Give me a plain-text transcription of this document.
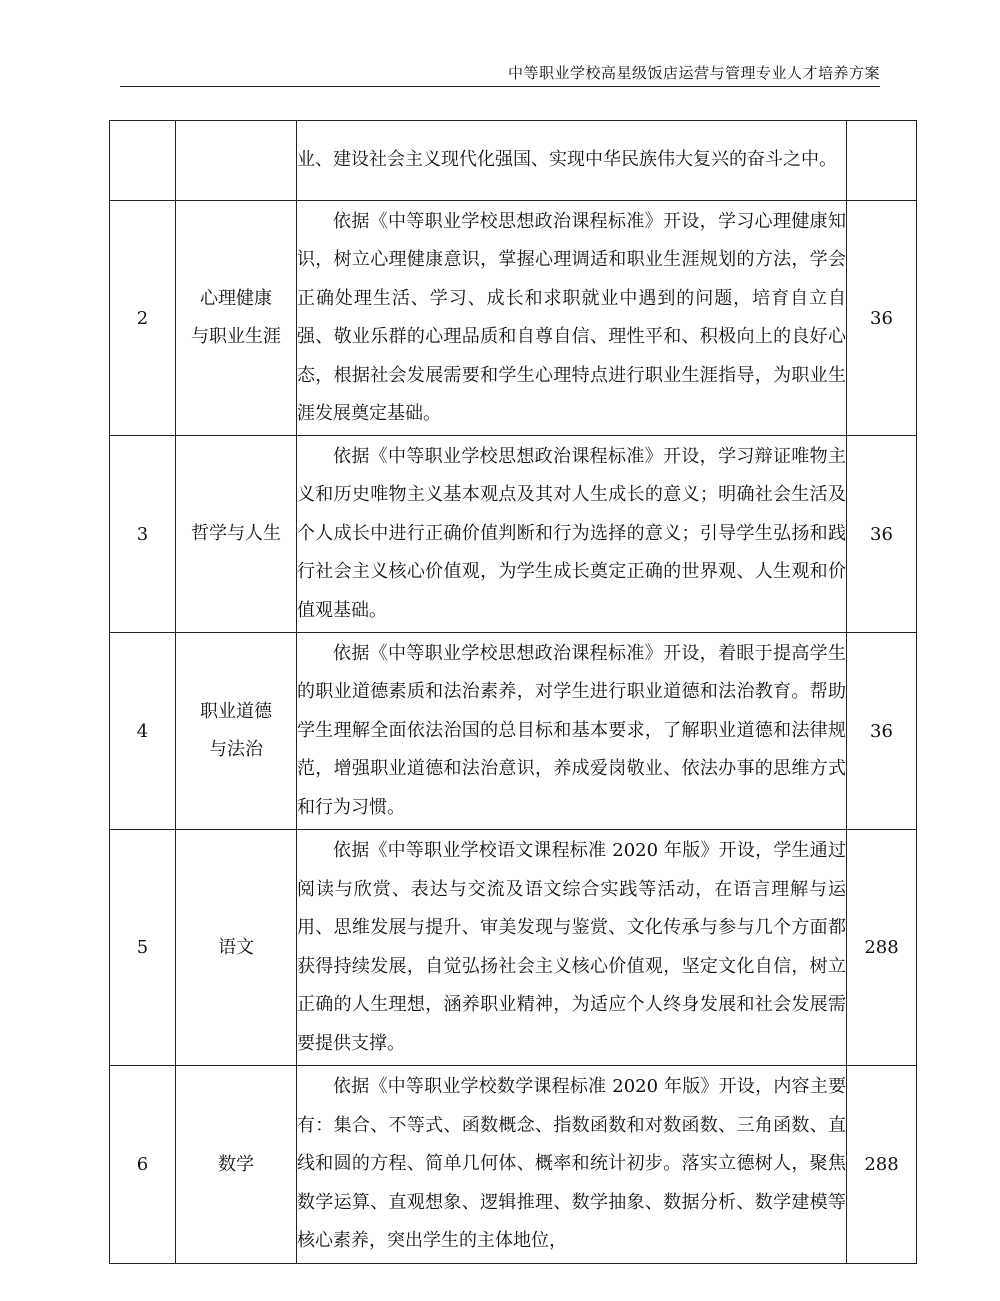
中等职业学校高星级饭店运营与管理专业人才培养方案

		业、建设社会主义现代化强国、实现中华民族伟大复兴的奋斗之中。	

2	心理健康
与职业生涯	依据《中等职业学校思想政治课程标准》开设，学习心理健康知识，树立心理健康意识，掌握心理调适和职业生涯规划的方法，学会正确处理生活、学习、成长和求职就业中遇到的问题，培育自立自强、敬业乐群的心理品质和自尊自信、理性平和、积极向上的良好心态，根据社会发展需要和学生心理特点进行职业生涯指导，为职业生涯发展奠定基础。	36
3	哲学与人生	依据《中等职业学校思想政治课程标准》开设，学习辩证唯物主义和历史唯物主义基本观点及其对人生成长的意义；明确社会生活及个人成长中进行正确价值判断和行为选择的意义；引导学生弘扬和践行社会主义核心价值观，为学生成长奠定正确的世界观、人生观和价值观基础。	36
4	职业道德
与法治	依据《中等职业学校思想政治课程标准》开设，着眼于提高学生的职业道德素质和法治素养，对学生进行职业道德和法治教育。帮助学生理解全面依法治国的总目标和基本要求，了解职业道德和法律规范，增强职业道德和法治意识，养成爱岗敬业、依法办事的思维方式和行为习惯。	36
5	语文	依据《中等职业学校语文课程标准 2020 年版》开设，学生通过阅读与欣赏、表达与交流及语文综合实践等活动，在语言理解与运用、思维发展与提升、审美发现与鉴赏、文化传承与参与几个方面都获得持续发展，自觉弘扬社会主义核心价值观，坚定文化自信，树立正确的人生理想，涵养职业精神，为适应个人终身发展和社会发展需要提供支撑。	288
6	数学	依据《中等职业学校数学课程标准 2020 年版》开设，内容主要有：集合、不等式、函数概念、指数函数和对数函数、三角函数、直线和圆的方程、简单几何体、概率和统计初步。落实立德树人，聚焦数学运算、直观想象、逻辑推理、数学抽象、数据分析、数学建模等核心素养，突出学生的主体地位，	288
